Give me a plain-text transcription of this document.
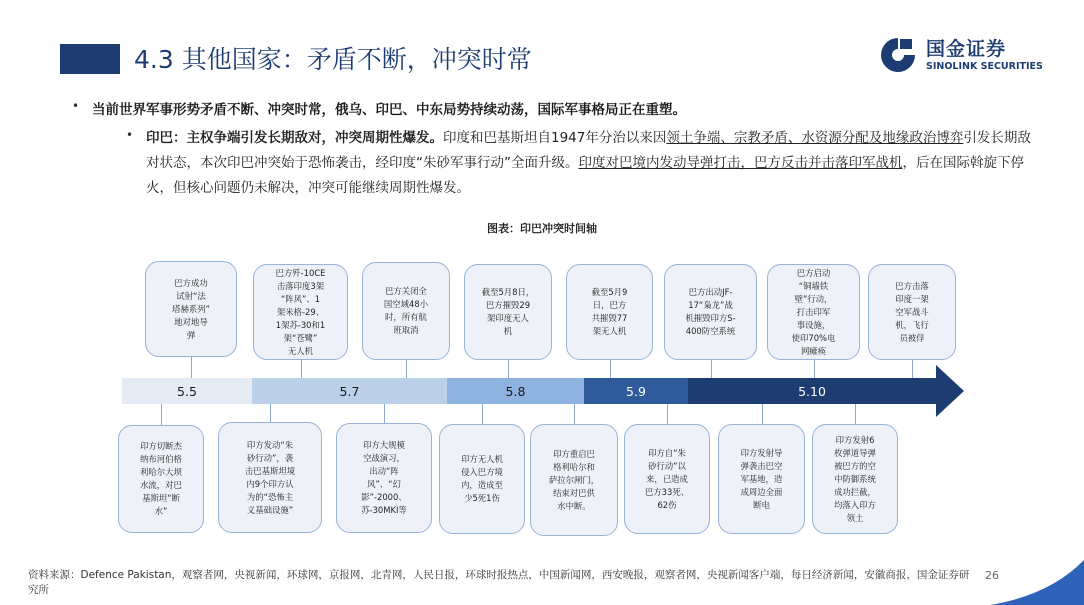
4.3 其他国家：矛盾不断，冲突时常	国金证券
SINOLINK SECURITIES
• 当前世界军事形势矛盾不断、冲突时常，俄乌、印巴、中东局势持续动荡，国际军事格局正在重塑。
• 印巴：主权争端引发长期敌对，冲突周期性爆发。印度和巴基斯坦自1947年分治以来因领土争端、宗教矛盾、水资源分配及地缘政治博弈引发长期敌对状态，本次印巴冲突始于恐怖袭击，经印度“朱砂军事行动”全面升级。印度对巴境内发动导弹打击，巴方反击并击落印军战机，后在国际斡旋下停火，但核心问题仍未解决，冲突可能继续周期性爆发。
图表：印巴冲突时间轴
5.5	5.7	5.8	5.9	5.10
巴方成功
试射“法
塔赫系列”
地对地导
弹
巴方歼-10CE
击落印度3架
“阵风”、1
架米格-29、
1架苏-30和1
架“苍鹭”
无人机
巴方关闭全
国空域48小
时，所有航
班取消
截至5月8日，
巴方摧毁29
架印度无人
机
截至5月9
日，巴方
共摧毁77
架无人机
巴方出动JF-
17“枭龙”战
机摧毁印方S-
400防空系统
巴方启动
“铜墙铁
壁”行动，
打击印军
事设施，
使印70%电
网瘫痪
巴方击落
印度一架
空军战斗
机，飞行
员被俘
印方切断杰
纳布河伯格
利哈尔大坝
水流，对巴
基斯坦“断
水”
印方发动“朱
砂行动”，袭
击巴基斯坦境
内9个印方认
为的“恐怖主
义基础设施”
印方大规模
空战演习，
出动“阵
风”、“幻
影”-2000、
苏-30MKI等
印方无人机
侵入巴方境
内，造成至
少5死1伤
印方重启巴
格利哈尔和
萨拉尔闸门，
结束对巴供
水中断。
印方自“朱
砂行动”以
来，已造成
巴方33死、
62伤
印方发射导
弹袭击巴空
军基地，造
成周边全面
断电
印方发射6
枚弹道导弹
被巴方的空
中防御系统
成功拦截，
均落入印方
领土
资料来源：Defence Pakistan，观察者网，央视新闻，环球网，京报网，北青网，人民日报，环球时报热点，中国新闻网，西安晚报，观察者网，央视新闻客户端，每日经济新闻，安徽商报，国金证券研究所
26
